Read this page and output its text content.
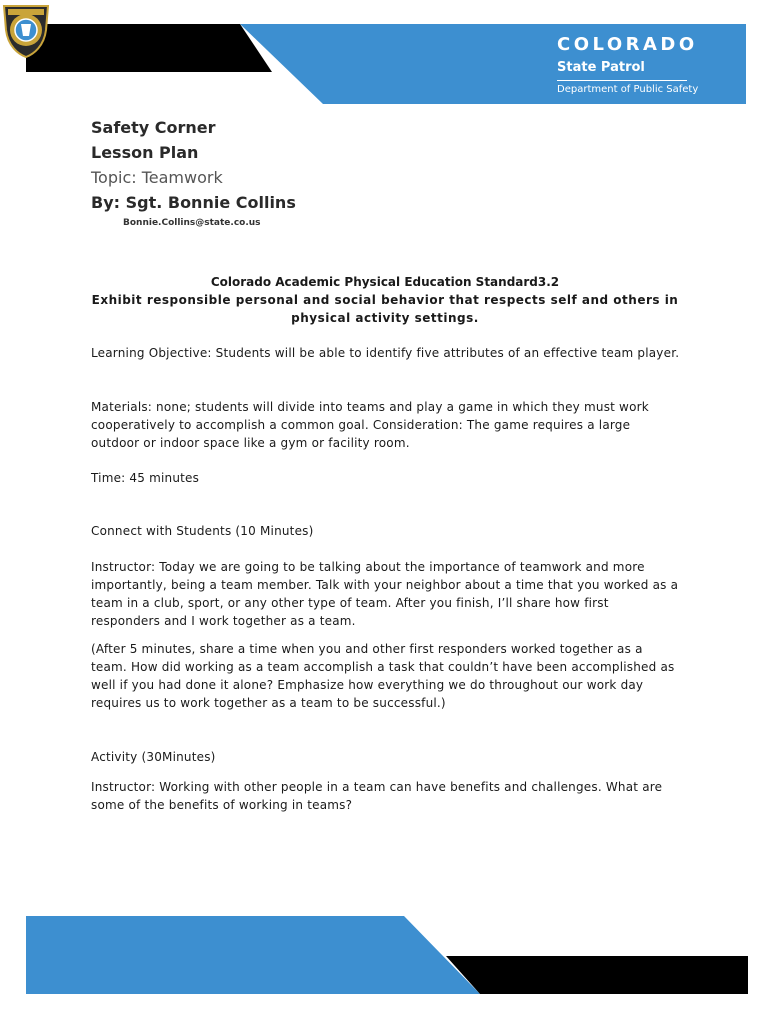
COLORADO
State Patrol
Department of Public Safety
Safety Corner
Lesson Plan
Topic: Teamwork
By: Sgt. Bonnie Collins
Bonnie.Collins@state.co.us
Colorado Academic Physical Education Standard3.2
Exhibit responsible personal and social behavior that respects self and others in physical activity settings.

Learning Objective: Students will be able to identify five attributes of an effective team player.

Materials: none; students will divide into teams and play a game in which they must work cooperatively to accomplish a common goal. Consideration: The game requires a large outdoor or indoor space like a gym or facility room.

Time: 45 minutes

Connect with Students (10 Minutes)

Instructor: Today we are going to be talking about the importance of teamwork and more importantly, being a team member. Talk with your neighbor about a time that you worked as a team in a club, sport, or any other type of team. After you finish, I’ll share how first responders and I work together as a team.

(After 5 minutes, share a time when you and other first responders worked together as a team. How did working as a team accomplish a task that couldn’t have been accomplished as well if you had done it alone? Emphasize how everything we do throughout our work day requires us to work together as a team to be successful.)

Activity (30Minutes)

Instructor: Working with other people in a team can have benefits and challenges. What are some of the benefits of working in teams?
